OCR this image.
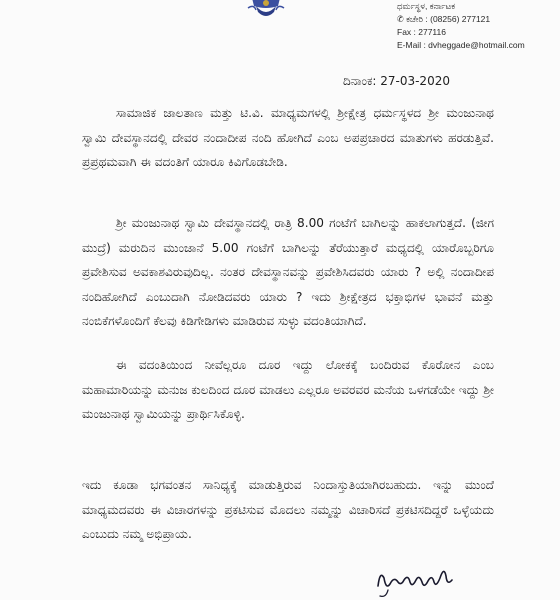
ಧರ್ಮಸ್ಥಳ, ಕರ್ನಾಟಕ
✆ ಕಚೇರಿ : (08256) 277121
Fax : 277116
E-Mail : dvheggade@hotmail.com
ದಿನಾಂಕ: 27-03-2020
ಸಾಮಾಜಿಕ ಜಾಲತಾಣ ಮತ್ತು ಟಿ.ವಿ. ಮಾಧ್ಯಮಗಳಲ್ಲಿ ಶ್ರೀಕ್ಷೇತ್ರ ಧರ್ಮಸ್ಥಳದ ಶ್ರೀ ಮಂಜುನಾಥ ಸ್ವಾಮಿ ದೇವಸ್ಥಾನದಲ್ಲಿ ದೇವರ ನಂದಾದೀಪ ನಂದಿ ಹೋಗಿದೆ ಎಂಬ ಅಪಪ್ರಚಾರದ ಮಾತುಗಳು ಹರಡುತ್ತಿವೆ. ಪ್ರಪ್ರಥಮವಾಗಿ ಈ ವದಂತಿಗೆ ಯಾರೂ ಕಿವಿಗೊಡಬೇಡಿ.
ಶ್ರೀ ಮಂಜುನಾಥ ಸ್ವಾಮಿ ದೇವಸ್ಥಾನದಲ್ಲಿ ರಾತ್ರಿ 8.00 ಗಂಟೆಗೆ ಬಾಗಿಲನ್ನು ಹಾಕಲಾಗುತ್ತದೆ. (ಜೀಗ ಮುದ್ರೆ) ಮರುದಿನ ಮುಂಜಾನೆ 5.00 ಗಂಟೆಗೆ ಬಾಗಿಲನ್ನು ತೆರೆಯುತ್ತಾರೆ ಮಧ್ಯದಲ್ಲಿ ಯಾರೊಬ್ಬರಿಗೂ ಪ್ರವೇಶಿಸುವ ಅವಕಾಶವಿರುವುದಿಲ್ಲ. ನಂತರ ದೇವಸ್ಥಾನವನ್ನು ಪ್ರವೇಶಿಸಿದವರು ಯಾರು ? ಅಲ್ಲಿ ನಂದಾದೀಪ ನಂದಿಹೋಗಿದೆ ಎಂಬುದಾಗಿ ನೋಡಿದವರು ಯಾರು ? ಇದು ಶ್ರೀಕ್ಷೇತ್ರದ ಭಕ್ತಾಭಿಗಳ ಭಾವನೆ ಮತ್ತು ನಂಬಿಕೆಗಳೊಂದಿಗೆ ಕೆಲವು ಕಿಡಿಗೇಡಿಗಳು ಮಾಡಿರುವ ಸುಳ್ಳು ವದಂತಿಯಾಗಿದೆ.
ಈ ವದಂತಿಯಿಂದ ನೀವೆಲ್ಲರೂ ದೂರ ಇದ್ದು ಲೋಕಕ್ಕೆ ಬಂದಿರುವ ಕೊರೋನ ಎಂಬ ಮಹಾಮಾರಿಯನ್ನು ಮನುಜ ಕುಲದಿಂದ ದೂರ ಮಾಡಲು ಎಲ್ಲರೂ ಅವರವರ ಮನೆಯ ಒಳಗಡೆಯೇ ಇದ್ದು ಶ್ರೀ ಮಂಜುನಾಥ ಸ್ವಾಮಿಯನ್ನು ಪ್ರಾರ್ಥಿಸಿಕೊಳ್ಳಿ.
ಇದು ಕೂಡಾ ಭಗವಂತನ ಸಾನಿಧ್ಯಕ್ಕೆ ಮಾಡುತ್ತಿರುವ ನಿಂದಾಸ್ತುತಿಯಾಗಿರಬಹುದು. ಇನ್ನು ಮುಂದೆ ಮಾಧ್ಯಮದವರು ಈ ವಿಚಾರಗಳನ್ನು ಪ್ರಕಟಿಸುವ ಮೊದಲು ನಮ್ಮನ್ನು ವಿಚಾರಿಸದೆ ಪ್ರಕಟಿಸದಿದ್ದರೆ ಒಳ್ಳೆಯದು ಎಂಬುದು ನಮ್ಮ ಅಭಿಪ್ರಾಯ.
